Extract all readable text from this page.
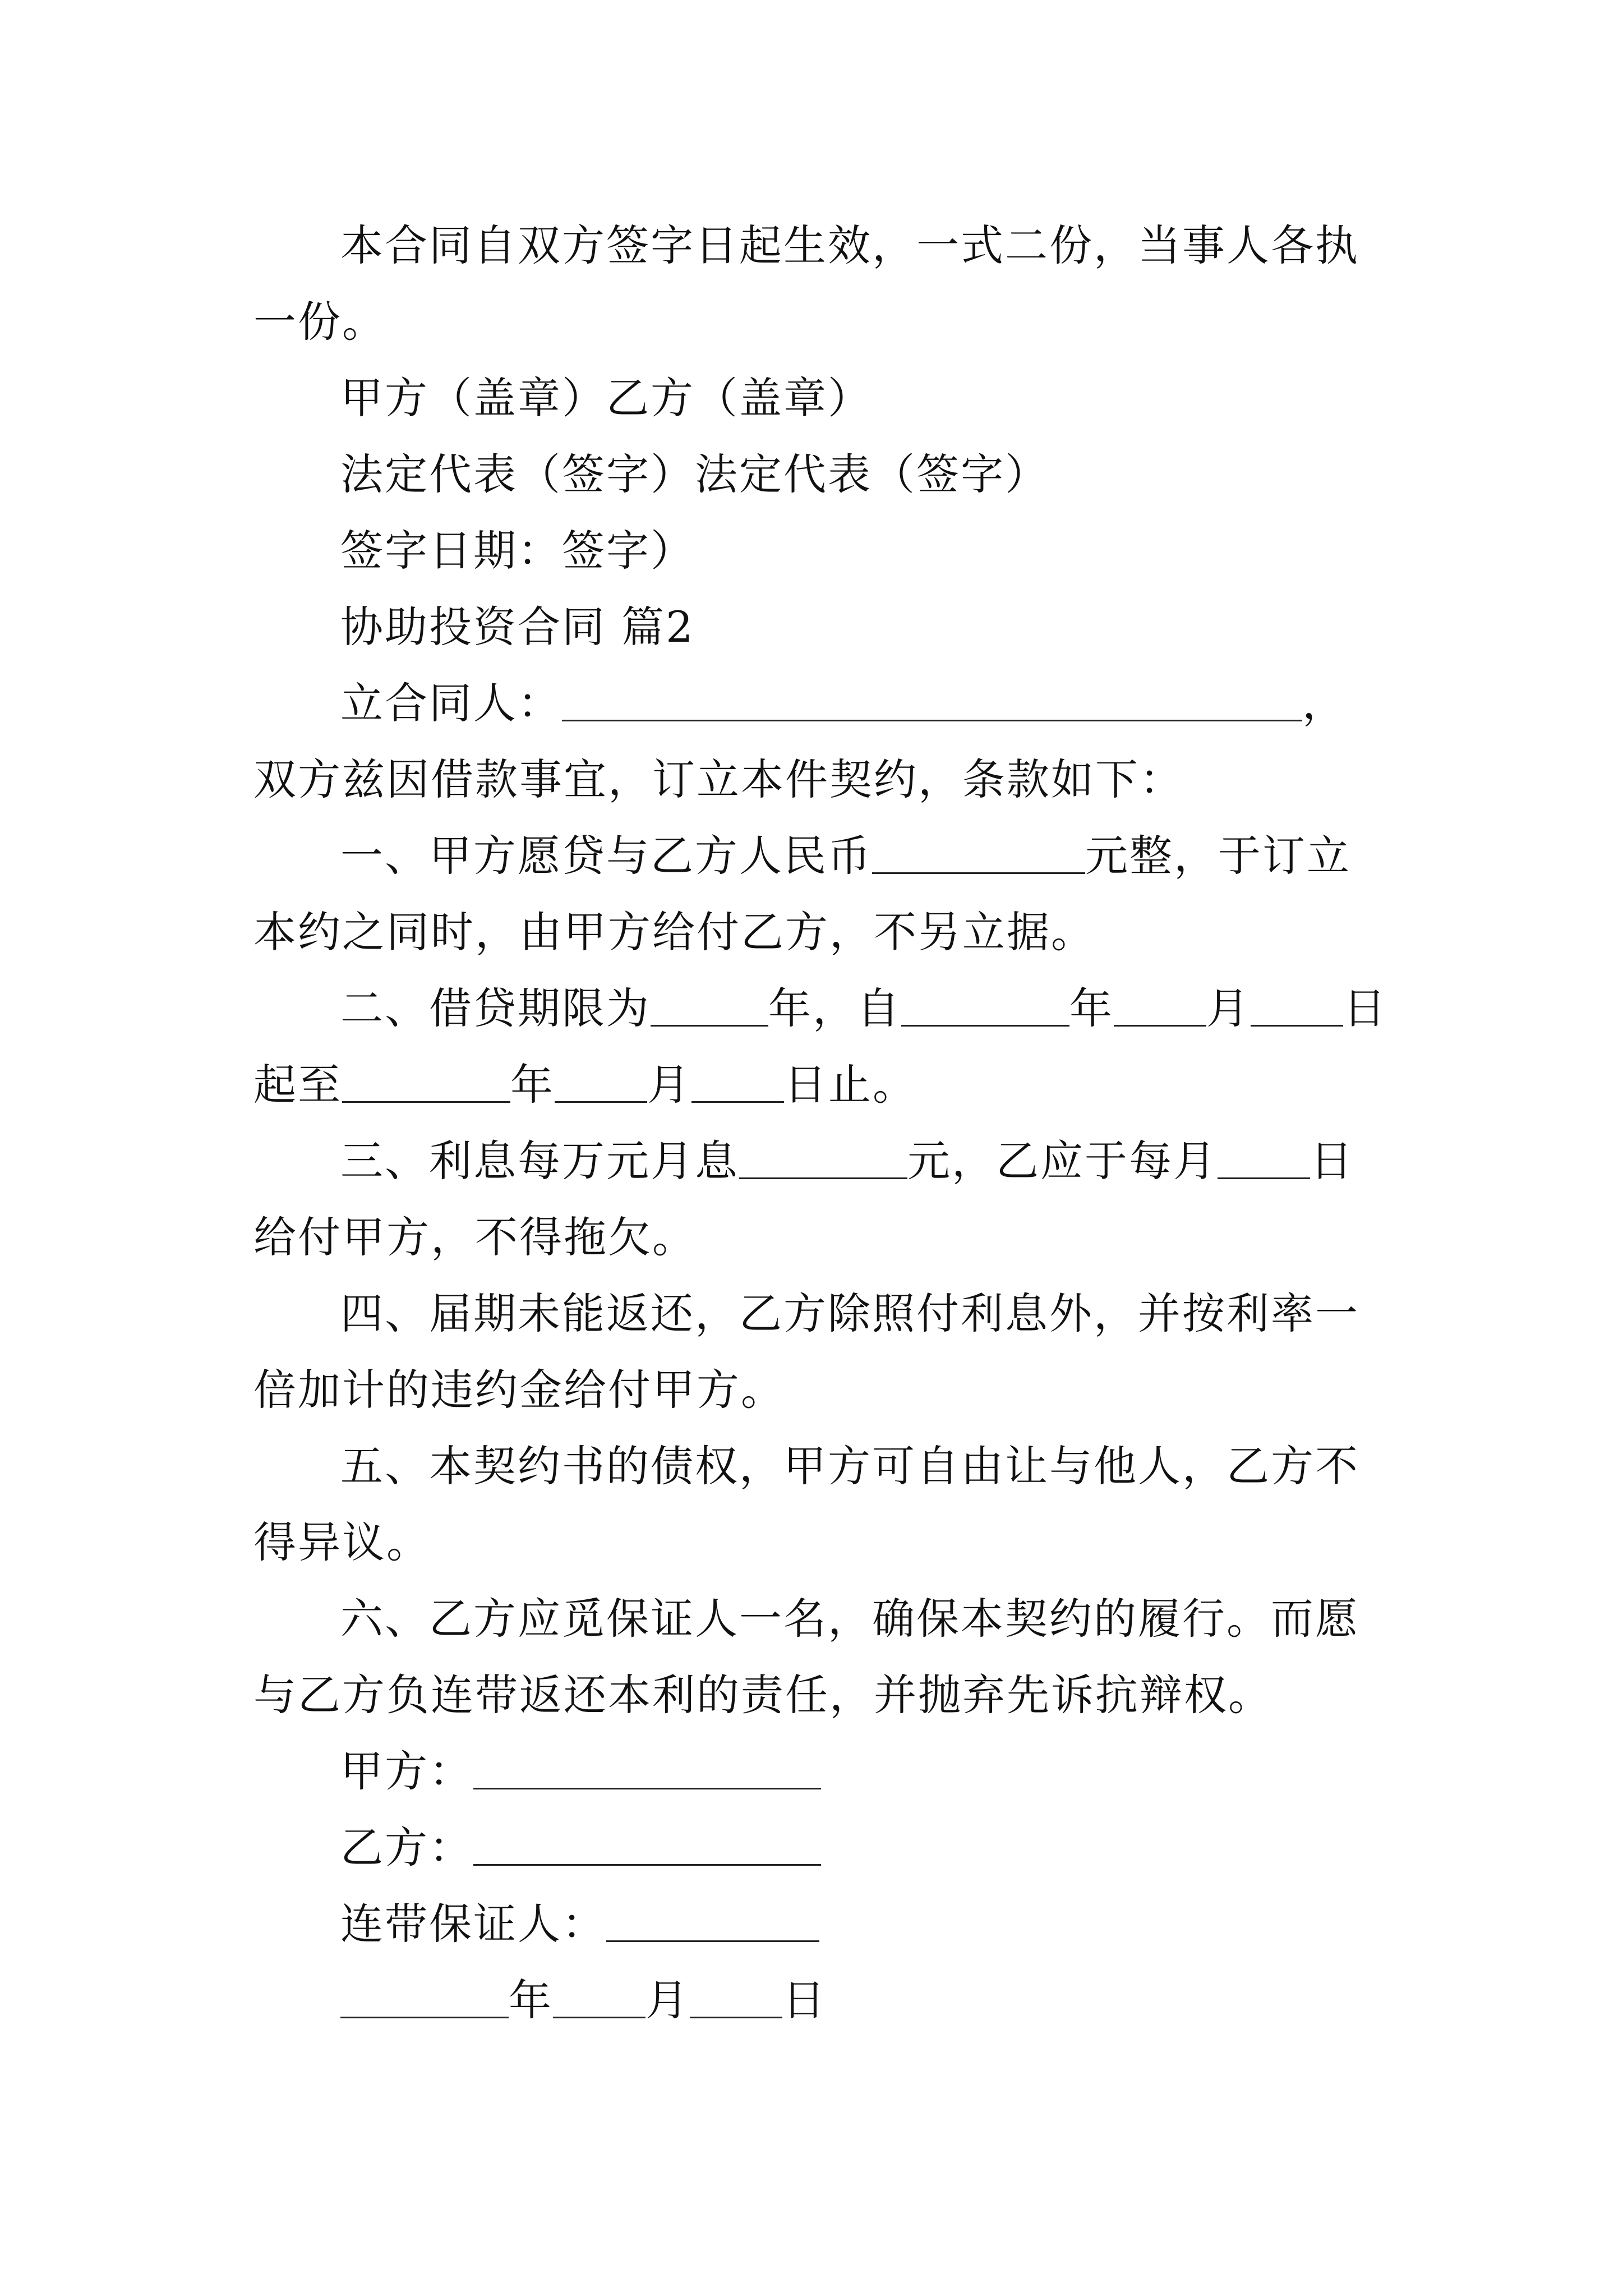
本合同自双方签字日起生效，一式二份，当事人各执一份。

甲方（盖章）乙方（盖章）

法定代表（签字）法定代表（签字）

签字日期：签字）

协助投资合同 篇2

立合同人：	，双方兹因借款事宜，订立本件契约，条款如下：

一、甲方愿贷与乙方人民币	元整，于订立本约之同时，由甲方给付乙方，不另立据。

二、借贷期限为	年，自	年 月 日起至	年 月 日止。

三、利息每万元月息	元，乙应于每月 日给付甲方，不得拖欠。

四、届期未能返还，乙方除照付利息外，并按利率一倍加计的违约金给付甲方。

五、本契约书的债权，甲方可自由让与他人，乙方不得异议。

六、乙方应觅保证人一名，确保本契约的履行。而愿与乙方负连带返还本利的责任，并抛弃先诉抗辩权。

甲方：

乙方：

连带保证人：

年 月 日
